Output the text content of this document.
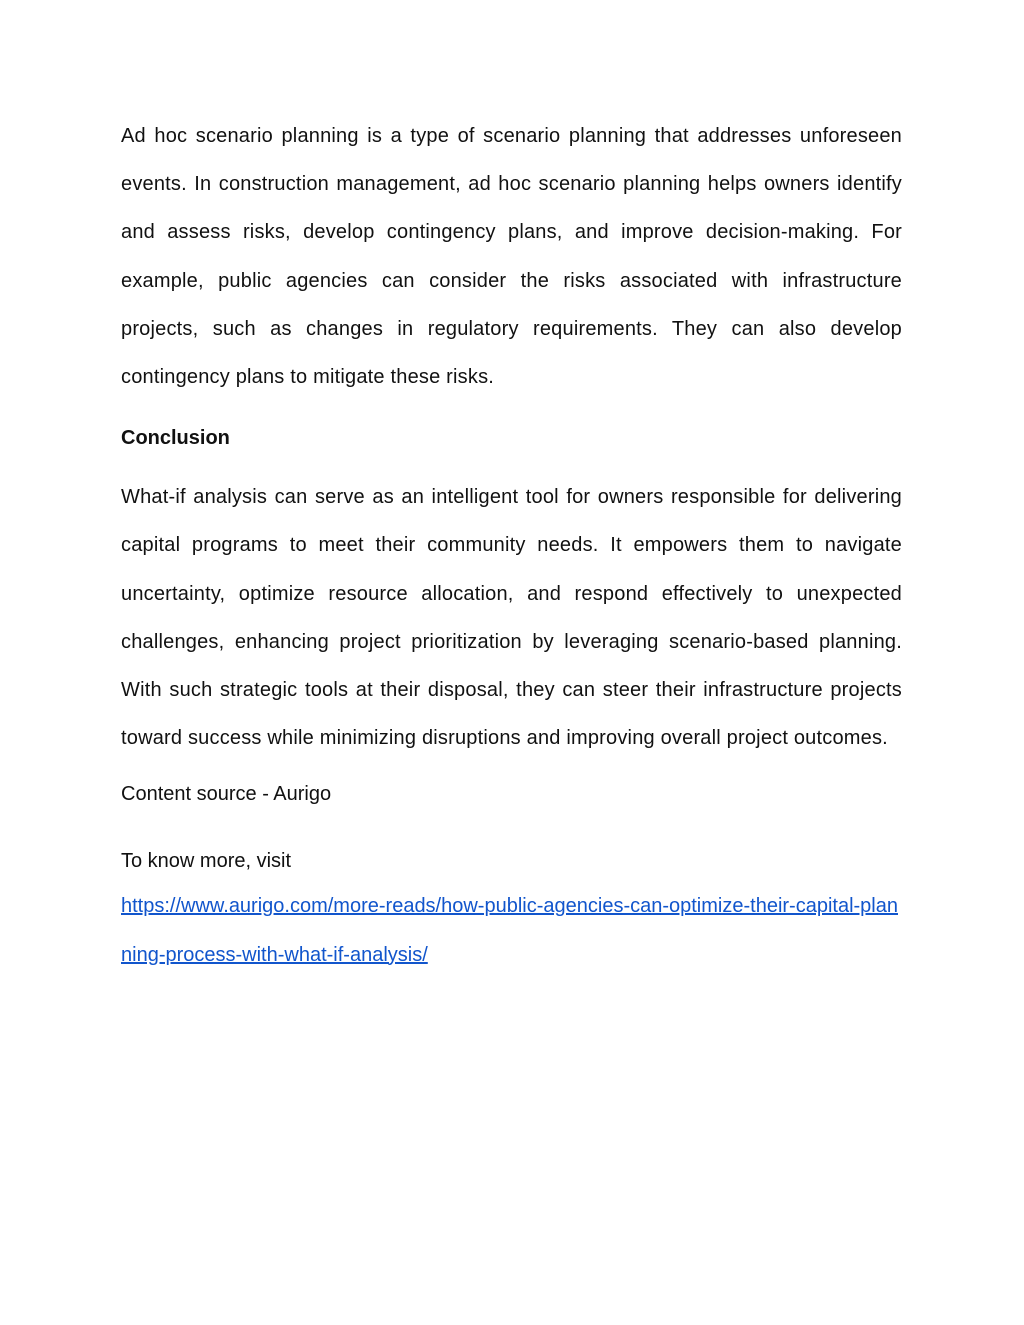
Ad hoc scenario planning is a type of scenario planning that addresses unforeseen events. In construction management, ad hoc scenario planning helps owners identify and assess risks, develop contingency plans, and improve decision-making. For example, public agencies can consider the risks associated with infrastructure projects, such as changes in regulatory requirements. They can also develop contingency plans to mitigate these risks.

Conclusion

What-if analysis can serve as an intelligent tool for owners responsible for delivering capital programs to meet their community needs. It empowers them to navigate uncertainty, optimize resource allocation, and respond effectively to unexpected challenges, enhancing project prioritization by leveraging scenario-based planning. With such strategic tools at their disposal, they can steer their infrastructure projects toward success while minimizing disruptions and improving overall project outcomes.

Content source - Aurigo

To know more, visit
https://www.aurigo.com/more-reads/how-public-agencies-can-optimize-their-capital-planning-process-with-what-if-analysis/
